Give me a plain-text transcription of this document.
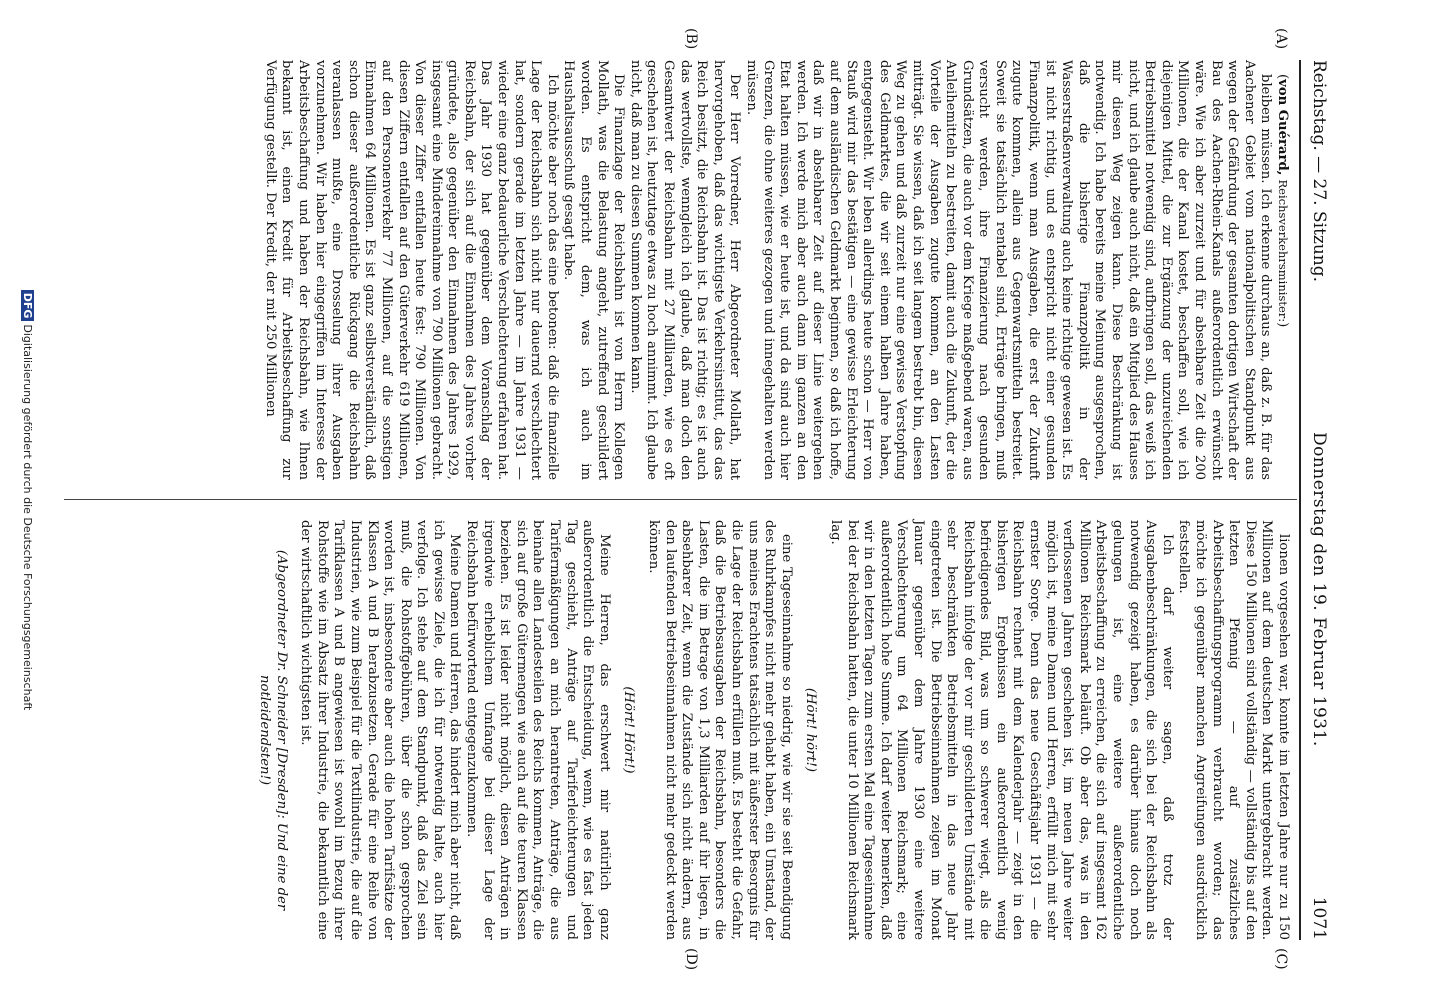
Reichstag. — 27. Sitzung.
Donnerstag den 19. Februar 1931.
1071
(A)
(B)
(C)
(D)

(von Guérard, Reichsverkehrsminister:)

bleiben müssen. Ich erkenne durchaus an, daß z. B. für das Aachener Gebiet vom nationalpolitischen Standpunkt aus wegen der Gefährdung der gesamten dortigen Wirtschaft der Bau des Aachen-Rhein-Kanals außerordentlich erwünscht wäre. Wie ich aber zurzeit und für absehbare Zeit die 200 Millionen, die der Kanal kostet, beschaffen soll, wie ich diejenigen Mittel, die zur Ergänzung der unzureichenden Betriebsmittel notwendig sind, aufbringen soll, das weiß ich nicht, und ich glaube auch nicht, daß ein Mitglied des Hauses mir diesen Weg zeigen kann. Diese Beschränkung ist notwendig. Ich habe bereits meine Meinung ausgesprochen, daß die bisherige Finanzpolitik in der Wasserstraßenverwaltung auch keine richtige gewesen ist. Es ist nicht richtig, und es entspricht nicht einer gesunden Finanzpolitik, wenn man Ausgaben, die erst der Zukunft zugute kommen, allein aus Gegenwartsmitteln bestreitet. Soweit sie tatsächlich rentabel sind, Erträge bringen, muß versucht werden, ihre Finanzierung nach gesunden Grundsätzen, die auch vor dem Kriege maßgebend waren, aus Anleihemitteln zu bestreiten, damit auch die Zukunft, der die Vorteile der Ausgaben zugute kommen, an den Lasten mitträgt. Sie wissen, daß ich seit langem bestrebt bin, diesen Weg zu gehen und daß zurzeit nur eine gewisse Verstopfung des Geldmarktes, die wir seit einem halben Jahre haben, entgegensteht. Wir leben allerdings heute schon — Herr von Stauß wird mir das bestätigen — eine gewisse Erleichterung auf dem ausländischen Geldmarkt beginnen, so daß ich hoffe, daß wir in absehbarer Zeit auf dieser Linie weitergehen werden. Ich werde mich aber auch dann im ganzen an den Etat halten müssen, wie er heute ist, und da sind auch hier Grenzen, die ohne weiteres gezogen und innegehalten werden müssen.

Der Herr Vorredner, Herr Abgeordneter Mollath, hat hervorgehoben, daß das wichtigste Verkehrsinstitut, das das Reich besitzt, die Reichsbahn ist. Das ist richtig; es ist auch das wertvollste, wenngleich ich glaube, daß man doch den Gesamtwert der Reichsbahn mit 27 Milliarden, wie es oft geschehen ist, heutzutage etwas zu hoch annimmt. Ich glaube nicht, daß man zu diesen Summen kommen kann.

Die Finanzlage der Reichsbahn ist von Herrn Kollegen Mollath, was die Belastung angeht, zutreffend geschildert worden. Es entspricht dem, was ich auch im Haushaltsausschuß gesagt habe.

Ich möchte aber noch das eine betonen: daß die finanzielle Lage der Reichsbahn sich nicht nur dauernd verschlechtert hat, sondern gerade im letzten Jahre — im Jahre 1931 — wieder eine ganz bedauerliche Verschlechterung erfahren hat. Das Jahr 1930 hat gegenüber dem Voranschlag der Reichsbahn, der sich auf die Einnahmen des Jahres vorher gründete, also gegenüber den Einnahmen des Jahres 1929, insgesamt eine Mindereinnahme von 790 Millionen gebracht. Von dieser Ziffer entfallen heute fest: 790 Millionen. Von diesen Ziffern entfallen auf den Güterverkehr 619 Millionen, auf den Personenverkehr 77 Millionen, auf die sonstigen Einnahmen 64 Millionen. Es ist ganz selbstverständlich, daß schon dieser außerordentliche Rückgang die Reichsbahn veranlassen mußte, eine Drosselung ihrer Ausgaben vorzunehmen. Wir haben hier eingegriffen im Interesse der Arbeitsbeschaffung und haben der Reichsbahn, wie Ihnen bekannt ist, einen Kredit für Arbeitsbeschaffung zur Verfügung gestellt. Der Kredit, der mit 250 Millionen

lionen vorgesehen war, konnte im letzten Jahre nur zu 150 Millionen auf dem deutschen Markt untergebracht werden. Diese 150 Millionen sind vollständig — vollständig bis auf den letzten Pfennig — auf zusätzliches Arbeitsbeschaffungsprogramm verbraucht worden; das möchte ich gegenüber manchen Angreifungen ausdrücklich feststellen.

Ich darf weiter sagen, daß trotz der Ausgabenbeschränkungen, die sich bei der Reichsbahn als notwendig gezeigt haben, es darüber hinaus doch noch gelungen ist, eine weitere außerordentliche Arbeitsbeschaffung zu erreichen, die sich auf insgesamt 162 Millionen Reichsmark beläuft. Ob aber das, was in den verflossenen Jahren geschehen ist, im neuen Jahre weiter möglich ist, meine Damen und Herren, erfüllt mich mit sehr ernster Sorge. Denn das neue Geschäftsjahr 1931 — die Reichsbahn rechnet mit dem Kalenderjahr — zeigt in den bisherigen Ergebnissen ein außerordentlich wenig befriedigendes Bild, was um so schwerer wiegt, als die Reichsbahn infolge der vor mir geschilderten Umstände mit sehr beschränkten Betriebsmitteln in das neue Jahr eingetreten ist. Die Betriebseinnahmen zeigen im Monat Januar gegenüber dem Jahre 1930 eine weitere Verschlechterung um 64 Millionen Reichsmark; eine außerordentlich hohe Summe. Ich darf weiter bemerken, daß wir in den letzten Tagen zum ersten Mal eine Tageseinnahme bei der Reichsbahn hatten, die unter 10 Millionen Reichsmark lag.

(Hört! hört!)

eine Tageseinnahme so niedrig, wie wir sie seit Beendigung des Ruhrkampfes nicht mehr gehabt haben, ein Umstand, der uns meines Erachtens tatsächlich mit äußerster Besorgnis für die Lage der Reichsbahn erfüllen muß. Es besteht die Gefahr, daß die Betriebsausgaben der Reichsbahn, besonders die Lasten, die im Betrage von 1,3 Milliarden auf ihr liegen, in absehbarer Zeit, wenn die Zustände sich nicht ändern, aus den laufenden Betriebseinnahmen nicht mehr gedeckt werden können.

(Hört! Hört!)

Meine Herren, das erschwert mir natürlich ganz außerordentlich die Entscheidung, wenn, wie es fast jeden Tag geschieht, Anträge auf Tariferleichterungen und Tarifermäßigungen an mich herantreten, Anträge, die aus beinahe allen Landesteilen des Reichs kommen, Anträge, die sich auf große Gütermengen wie auch auf die teuren Klassen beziehen. Es ist leider nicht möglich, diesen Anträgen in irgendwie erheblichem Umfange bei dieser Lage der Reichsbahn befürwortend entgegenzukommen.

Meine Damen und Herren, das hindert mich aber nicht, daß ich gewisse Ziele, die ich für notwendig halte, auch hier verfolge. Ich stehe auf dem Standpunkt, daß das Ziel sein muß, die Rohstoffgebühren, über die schon gesprochen worden ist, insbesondere aber auch die hohen Tarifsätze der Klassen A und B herabzusetzen. Gerade für eine Reihe von Industrien, wie zum Beispiel für die Textilindustrie, die auf die Tarifklassen A und B angewiesen ist sowohl im Bezug ihrer Rohstoffe wie im Absatz ihrer Industrie, die bekanntlich eine der wirtschaftlich wichtigsten ist.

(Abgeordneter Dr. Schneider [Dresden]: Und eine der notleidendsten!)

DFGDigitalisierung gefördert durch die Deutsche Forschungsgemeinschaft
